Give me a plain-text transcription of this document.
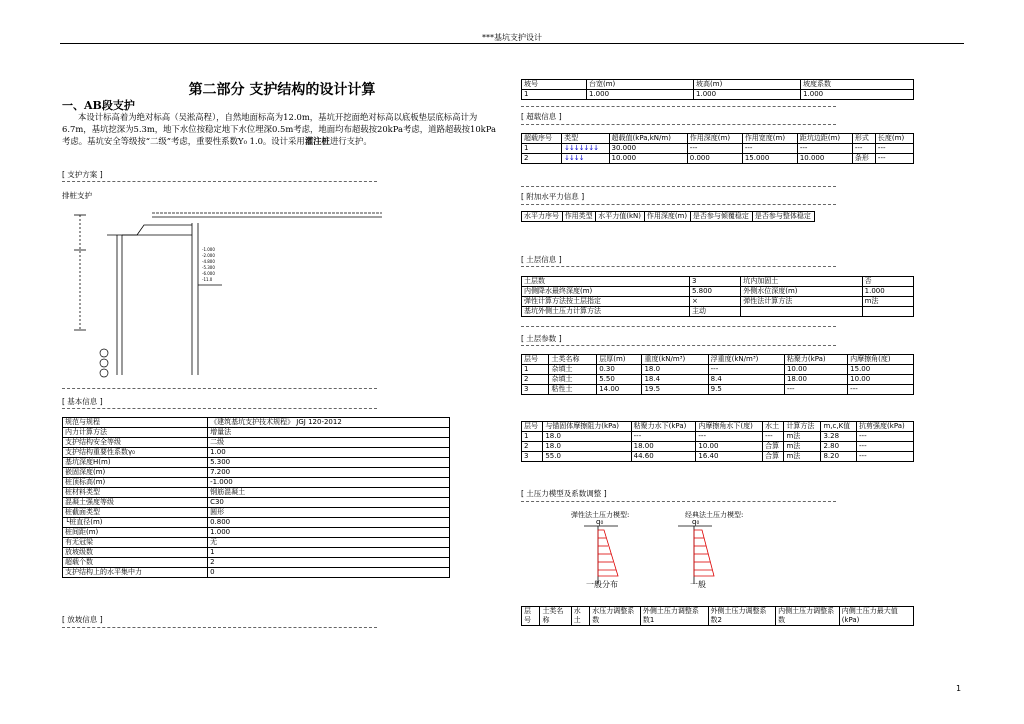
***基坑支护设计
第二部分 支护结构的设计计算
一、AB段支护
本设计标高着为绝对标高（吴淞高程），自然地面标高为12.0m，基坑开挖面绝对标高以底板垫层底标高计为6.7m，基坑挖深为5.3m，地下水位按稳定地下水位埋深0.5m考虑，地面均布超载按20kPa考虑，道路超载按10kPa考虑。基坑安全等级按“二级”考虑，重要性系数Y₀ 1.0。设计采用灌注桩进行支护。
[ 支护方案 ]
排桩支护
-1.000
-2.000
-4.800
-5.300
-6.000
-11.0
[ 基本信息 ]
规范与规程	《建筑基坑支护技术规程》 JGJ 120-2012
内力计算方法	增量法
支护结构安全等级	二级
支护结构重要性系数γ₀	1.00
基坑深度H(m)	5.300
嵌固深度(m)	7.200
桩顶标高(m)	-1.000
桩材料类型	钢筋混凝土
混凝土强度等级	C30
桩截面类型	圆形
└桩直径(m)	0.800
桩间距(m)	1.000
有无冠梁	无
放坡级数	1
超载个数	2
支护结构上的水平集中力	0
[ 放坡信息 ]
坡号	台宽(m)	坡高(m)	坡度系数
1	1.000	1.000	1.000
[ 超载信息 ]
超载序号	类型	超载值(kPa,kN/m)	作用深度(m)	作用宽度(m)	距坑边距(m)	形式	长度(m)
1	↓↓↓↓↓↓↓	30.000	---	---	---	---	---
2	↓↓↓↓	10.000	0.000	15.000	10.000	条形	---
[ 附加水平力信息 ]
水平力序号	作用类型	水平力值(kN)	作用深度(m)	是否参与倾覆稳定	是否参与整体稳定
[ 土层信息 ]
土层数	3	坑内加固土	否
内侧降水最终深度(m)	5.800	外侧水位深度(m)	1.000
弹性计算方法按土层指定	×	弹性法计算方法	m法
基坑外侧土压力计算方法	主动		
[ 土层参数 ]
层号	土类名称	层厚(m)	重度(kN/m³)	浮重度(kN/m³)	粘聚力(kPa)	内摩擦角(度)
1	杂填土	0.30	18.0	---	10.00	15.00
2	杂填土	5.50	18.4	8.4	18.00	10.00
3	粘性土	14.00	19.5	9.5	---	---
层号	与锚固体摩擦阻力(kPa)	粘聚力水下(kPa)	内摩擦角水下(度)	水土	计算方法	m,c,K值	抗剪强度(kPa)
1	18.0	---	---	---	m法	3.28	---
2	18.0	18.00	10.00	合算	m法	2.80	---
3	55.0	44.60	16.40	合算	m法	8.20	---
[ 土压力模型及系数调整 ]
弹性法土压力模型:	经典法土压力模型:
q₀
一般分布
q₀
一般
层号	土类名称	水土	水压力调整系数	外侧土压力调整系数1	外侧土压力调整系数2	内侧土压力调整系数	内侧土压力最大值(kPa)
1
